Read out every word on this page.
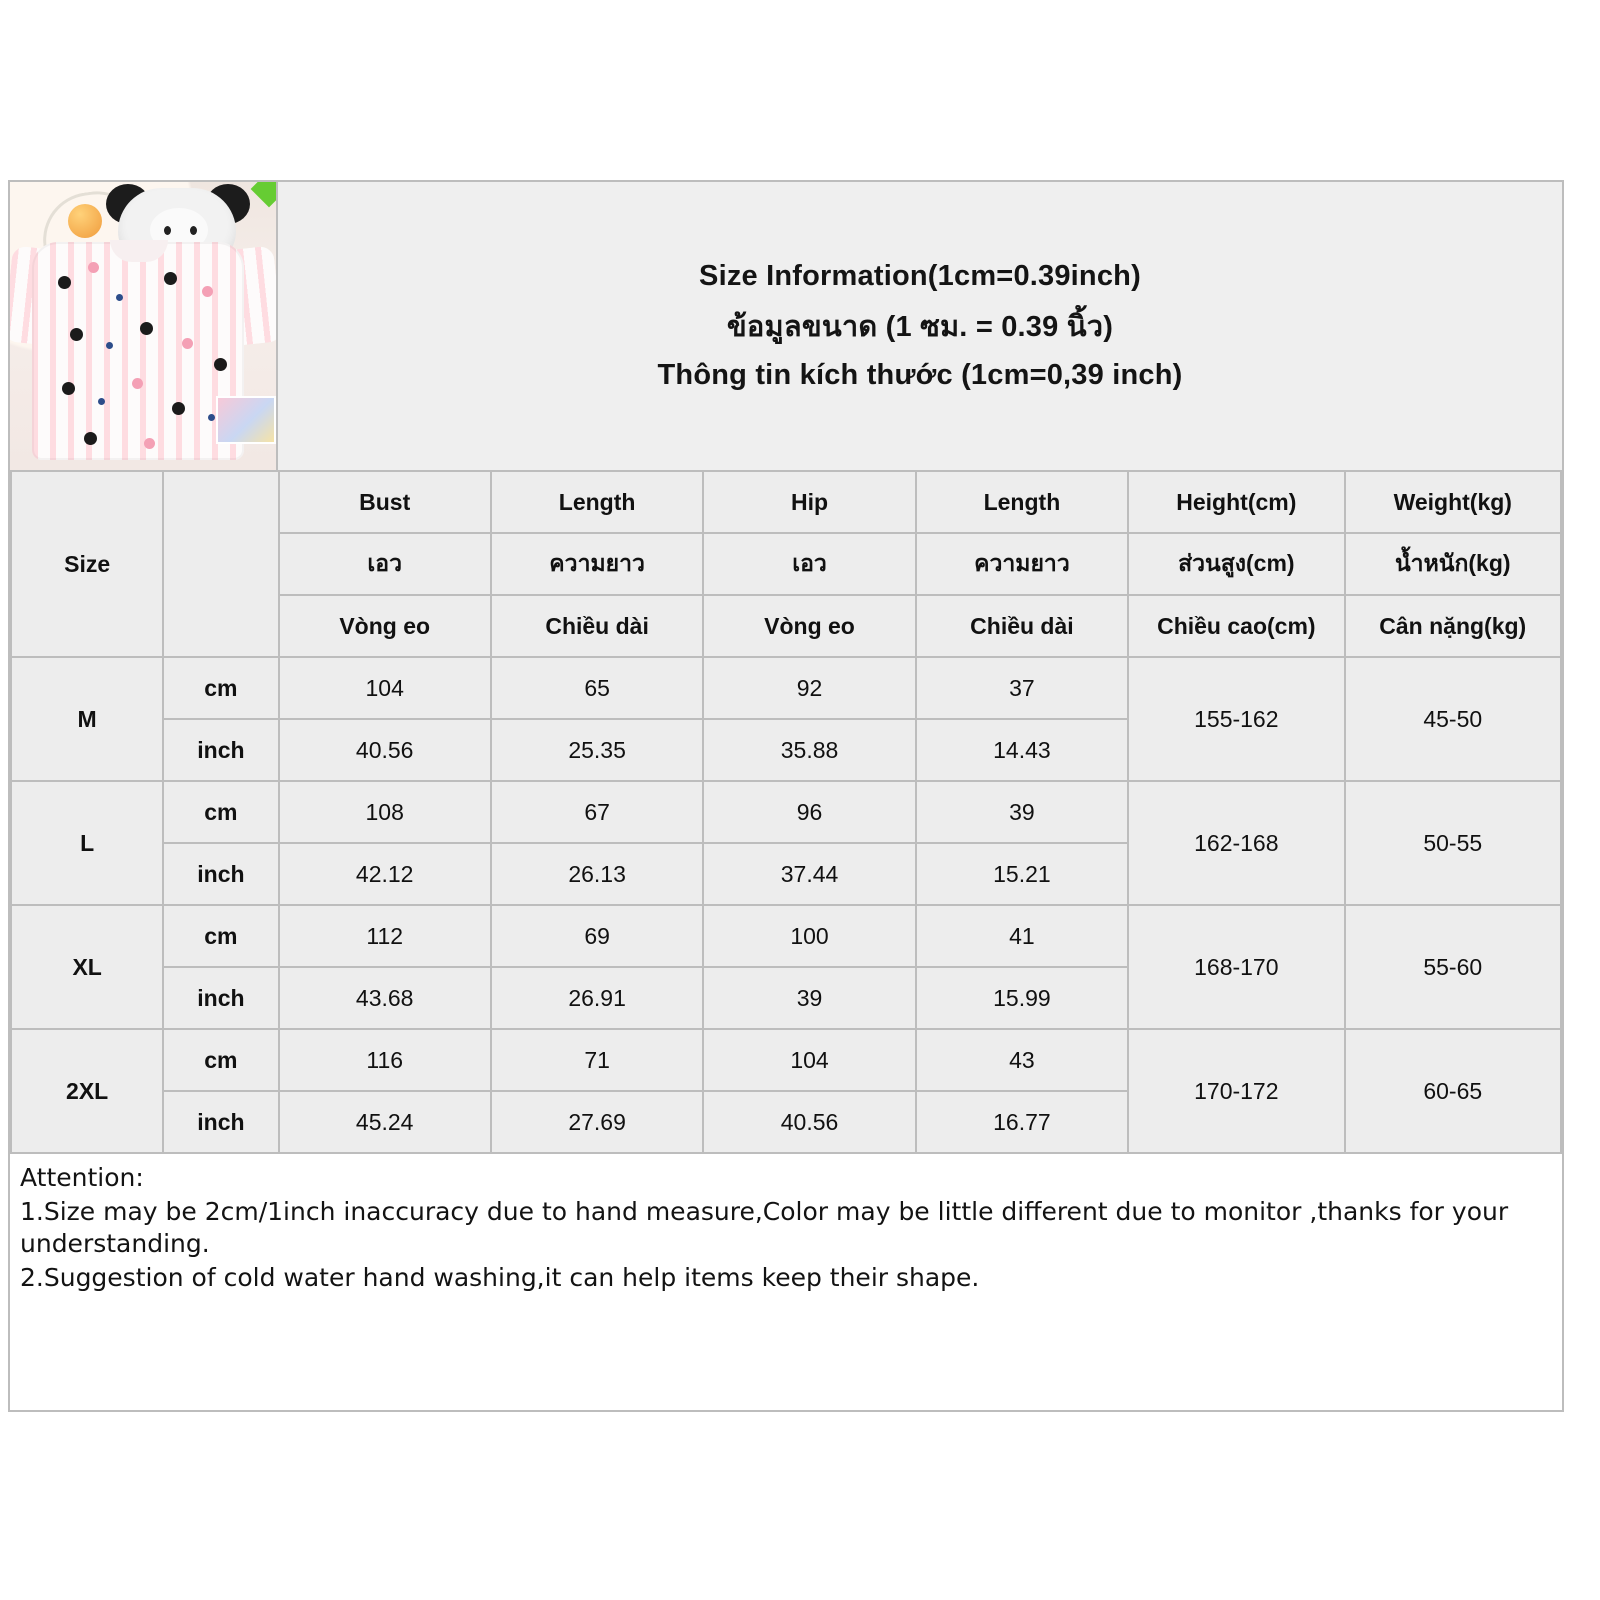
Size Information(1cm=0.39inch)
ข้อมูลขนาด (1 ซม. = 0.39 นิ้ว)
Thông tin kích thước (1cm=0,39 inch)
Size		Bust	Length	Hip	Length	Height(cm)	Weight(kg)
		เอว	ความยาว	เอว	ความยาว	ส่วนสูง(cm)	น้ำหนัก(kg)
		Vòng eo	Chiều dài	Vòng eo	Chiều dài	Chiều cao(cm)	Cân nặng(kg)
M	cm	104	65	92	37	155-162	45-50
	inch	40.56	25.35	35.88	14.43		
L	cm	108	67	96	39	162-168	50-55
	inch	42.12	26.13	37.44	15.21		
XL	cm	112	69	100	41	168-170	55-60
	inch	43.68	26.91	39	15.99		
2XL	cm	116	71	104	43	170-172	60-65
	inch	45.24	27.69	40.56	16.77		

Attention:

1.Size may be 2cm/1inch inaccuracy due to hand measure,Color may be little different due to monitor ,thanks for your understanding.

2.Suggestion of cold water hand washing,it can help items keep their shape.
